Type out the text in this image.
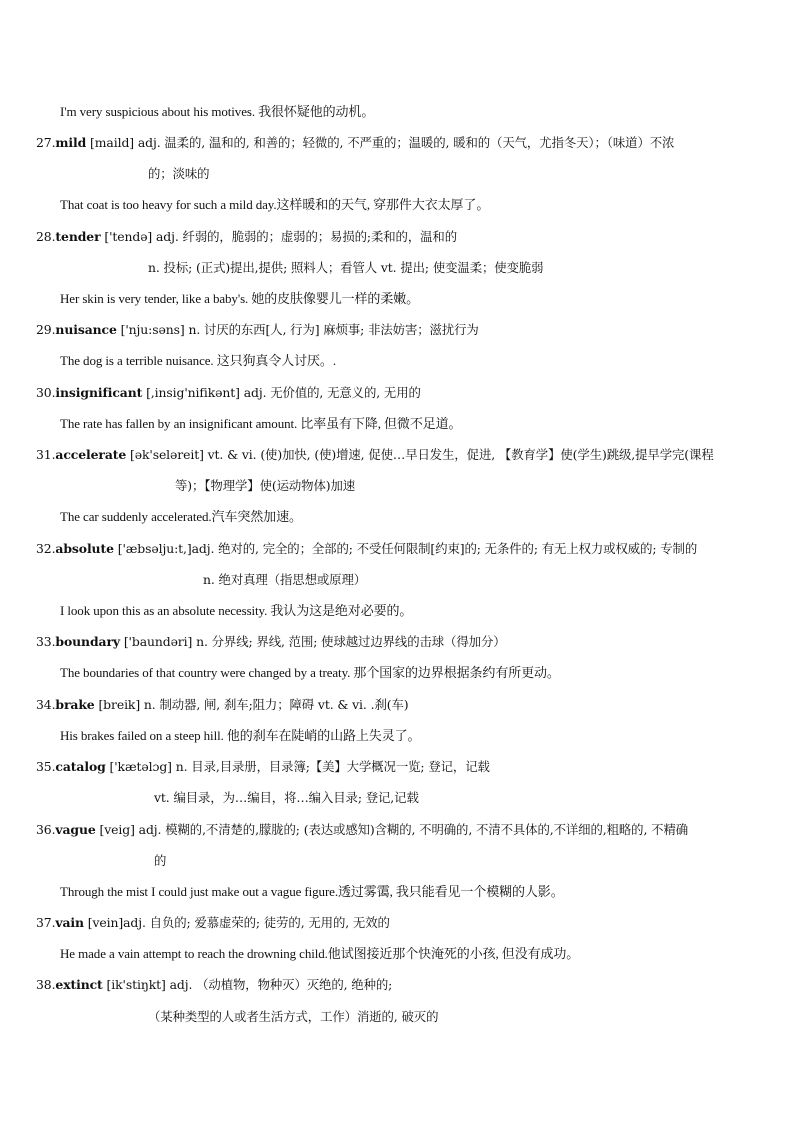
I'm very suspicious about his motives. 我很怀疑他的动机。
27.mild [maild] adj. 温柔的, 温和的, 和善的；轻微的, 不严重的；温暖的, 暖和的（天气，尤指冬天）；（味道）不浓
的；淡味的
That coat is too heavy for such a mild day.这样暖和的天气, 穿那件大衣太厚了。
28.tender ['tendə] adj. 纤弱的，脆弱的；虚弱的；易损的;柔和的，温和的
n. 投标; (正式)提出,提供; 照料人；看管人 vt. 提出; 使变温柔；使变脆弱
Her skin is very tender, like a baby's. 她的皮肤像婴儿一样的柔嫩。
29.nuisance ['nju:səns] n. 讨厌的东西[人, 行为] 麻烦事; 非法妨害；滋扰行为
The dog is a terrible nuisance. 这只狗真令人讨厌。.
30.insignificant [,insig'nifikənt] adj. 无价值的, 无意义的, 无用的
The rate has fallen by an insignificant amount. 比率虽有下降, 但微不足道。
31.accelerate [ək'seləreit] vt. & vi. (使)加快, (使)增速, 促使…早日发生，促进, 【教育学】使(学生)跳级,提早学完(课程
等)；【物理学】使(运动物体)加速
The car suddenly accelerated.汽车突然加速。
32.absolute ['æbsəlju:t,]adj. 绝对的, 完全的；全部的; 不受任何限制[约束]的; 无条件的; 有无上权力或权威的; 专制的
n. 绝对真理（指思想或原理）
I look upon this as an absolute necessity. 我认为这是绝对必要的。
33.boundary ['baundəri] n. 分界线; 界线, 范围; 使球越过边界线的击球（得加分）
The boundaries of that country were changed by a treaty. 那个国家的边界根据条约有所更动。
34.brake [breik] n. 制动器, 闸, 刹车;阻力；障碍 vt. & vi. .刹(车)
His brakes failed on a steep hill. 他的刹车在陡峭的山路上失灵了。
35.catalog ['kætəlɔg] n. 目录,目录册，目录簿;【美】大学概况一览; 登记，记载
vt. 编目录，为…编目，将…编入目录; 登记,记载
36.vague [veig] adj. 模糊的,不清楚的,朦胧的; (表达或感知)含糊的, 不明确的, 不清不具体的,不详细的,粗略的, 不精确
的
Through the mist I could just make out a vague figure.透过雾霭, 我只能看见一个模糊的人影。
37.vain [vein]adj. 自负的; 爱慕虚荣的; 徒劳的, 无用的, 无效的
He made a vain attempt to reach the drowning child.他试图接近那个快淹死的小孩, 但没有成功。
38.extinct [ik'stiŋkt] adj. （动植物，物种灭）灭绝的, 绝种的;
（某种类型的人或者生活方式，工作）消逝的, 破灭的
